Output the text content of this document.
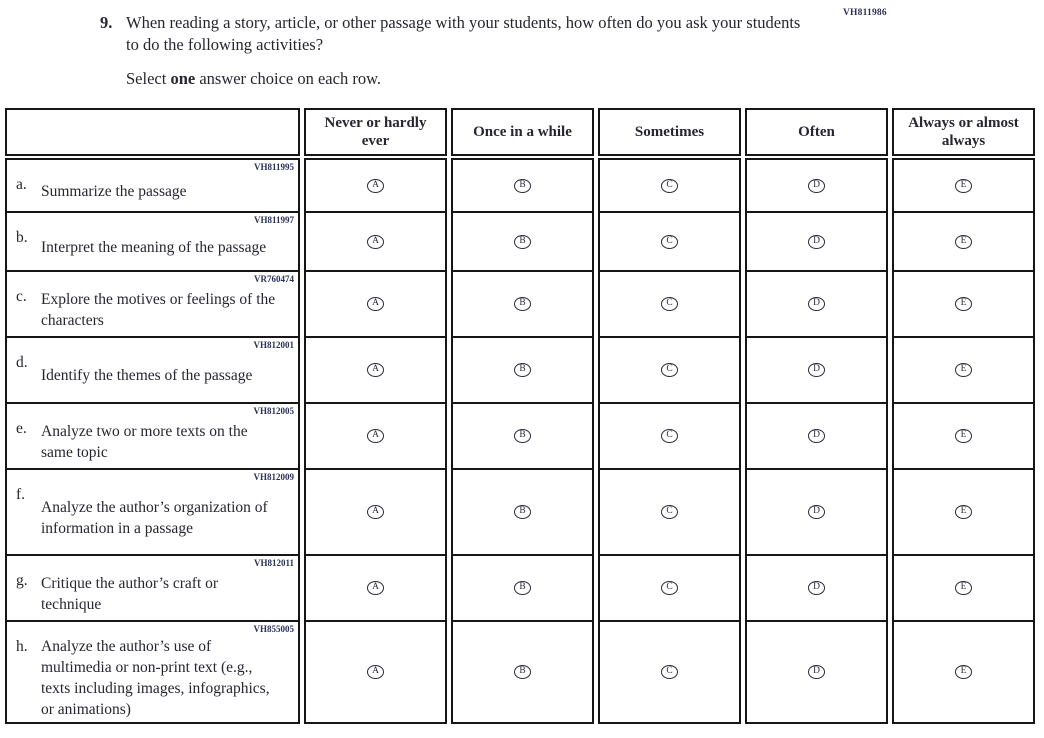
VH811986
9. When reading a story, article, or other passage with your students, how often do you ask your students to do the following activities?
Select one answer choice on each row.
VH811995
a. Summarize the passage
VH811997
b.
Interpret the meaning of the passage
VR760474
c. Explore the motives or feelings of the characters
VH812001
d.
Identify the themes of the passage
VH812005
e. Analyze two or more texts on the same topic
VH812009
f.
Analyze the author’s organization of information in a passage
VH812011
g. Critique the author’s craft or technique
VH855005
h. Analyze the author’s use of multimedia or non-print text (e.g., texts including images, infographics, or animations)
Never or hardly ever
A
A
A
A
A
A
A
A
Once in a while
B
B
B
B
B
B
B
B
Sometimes
C
C
C
C
C
C
C
C
Often
D
D
D
D
D
D
D
D
Always or almost always
E
E
E
E
E
E
E
E
